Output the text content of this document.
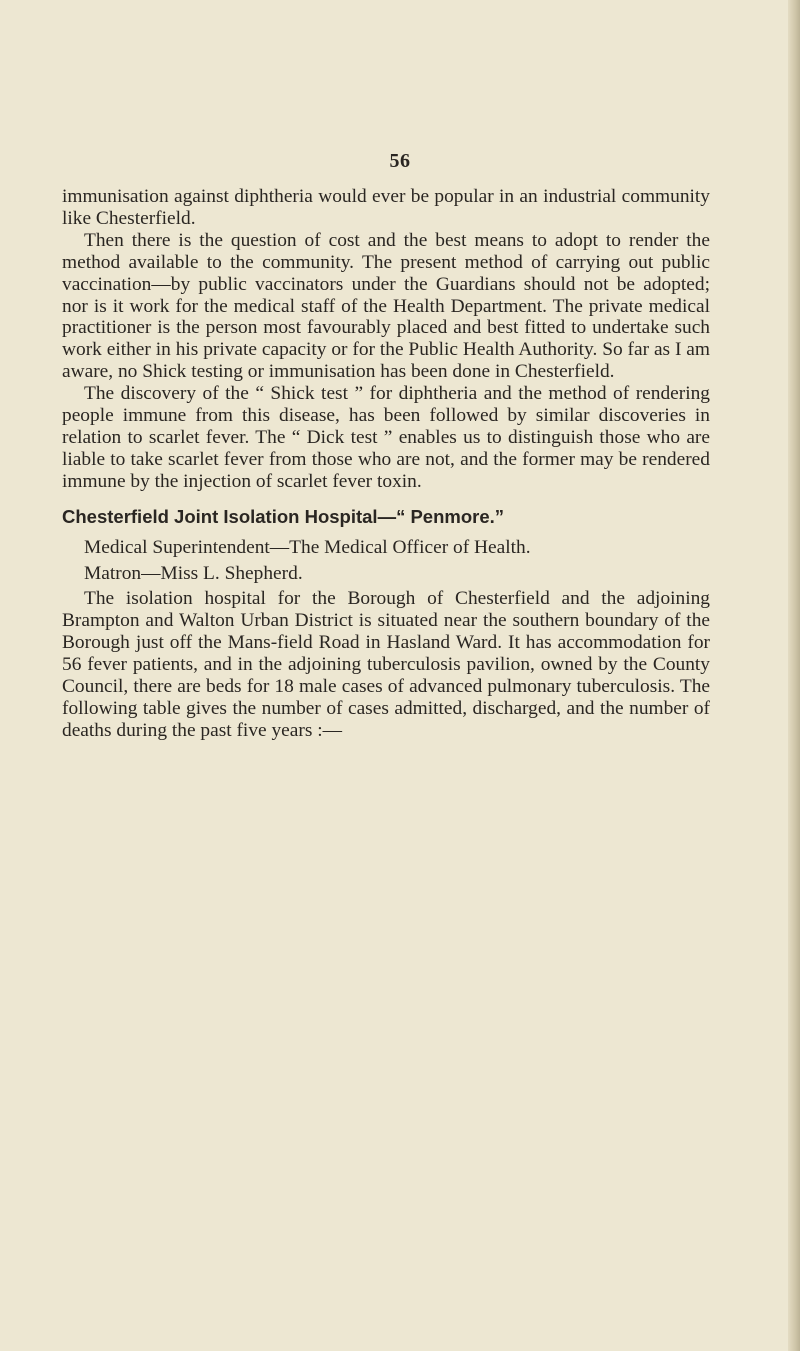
56

immunisation against diphtheria would ever be popular in an industrial community like Chesterfield.

Then there is the question of cost and the best means to adopt to render the method available to the community. The present method of carrying out public vaccination—by public vaccinators under the Guardians should not be adopted; nor is it work for the medical staff of the Health Department. The private medical practitioner is the person most favourably placed and best fitted to undertake such work either in his private capacity or for the Public Health Authority. So far as I am aware, no Shick testing or immunisation has been done in Chesterfield.

The discovery of the “ Shick test ” for diphtheria and the method of rendering people immune from this disease, has been followed by similar discoveries in relation to scarlet fever. The “ Dick test ” enables us to distinguish those who are liable to take scarlet fever from those who are not, and the former may be rendered immune by the injection of scarlet fever toxin.

Chesterfield Joint Isolation Hospital—“ Penmore.”

Medical Superintendent—The Medical Officer of Health.

Matron—Miss L. Shepherd.

The isolation hospital for the Borough of Chesterfield and the adjoining Brampton and Walton Urban District is situated near the southern boundary of the Borough just off the Mans-field Road in Hasland Ward. It has accommodation for 56 fever patients, and in the adjoining tuberculosis pavilion, owned by the County Council, there are beds for 18 male cases of advanced pulmonary tuberculosis. The following table gives the number of cases admitted, discharged, and the number of deaths during the past five years :—
